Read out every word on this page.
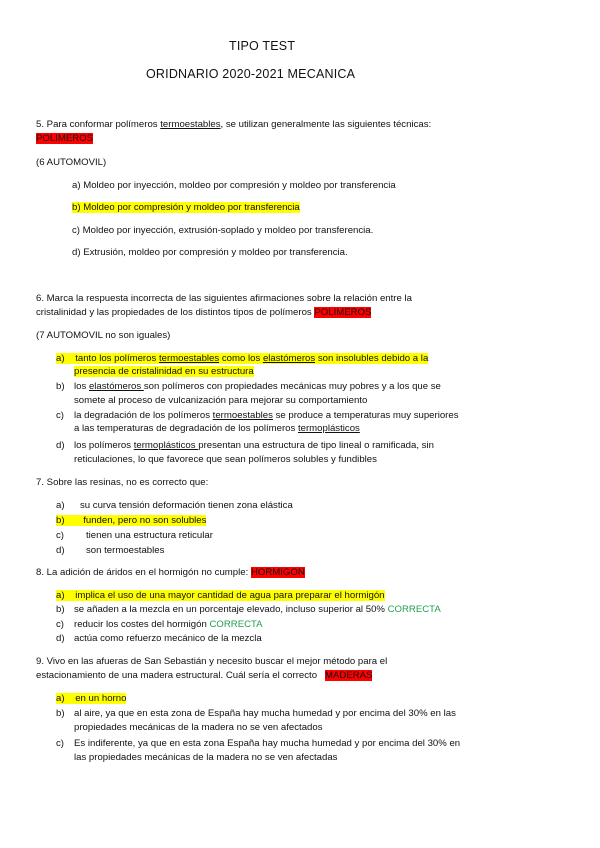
TIPO TEST
ORIDNARIO 2020-2021 MECANICA
5. Para conformar polímeros termoestables, se utilizan generalmente las siguientes técnicas:
POLIMEROS
(6 AUTOMOVIL)
a) Moldeo por inyección, moldeo por compresión y moldeo por transferencia
b) Moldeo por compresión y moldeo por transferencia
c) Moldeo por inyección, extrusión-soplado y moldeo por transferencia.
d) Extrusión, moldeo por compresión y moldeo por transferencia.
6. Marca la respuesta incorrecta de las siguientes afirmaciones sobre la relación entre la
cristalinidad y las propiedades de los distintos tipos de polímeros POLIMEROS
(7 AUTOMOVIL no son iguales)
a) tanto los polímeros termoestables como los elastómeros son insolubles debido a la
presencia de cristalinidad en su estructura
b) los elastómeros son polímeros con propiedades mecánicas muy pobres y a los que se
somete al proceso de vulcanización para mejorar su comportamiento
c) la degradación de los polímeros termoestables se produce a temperaturas muy superiores
a las temperaturas de degradación de los polímeros termoplásticos
d) los polímeros termoplásticos presentan una estructura de tipo lineal o ramificada, sin
reticulaciones, lo que favorece que sean polímeros solubles y fundibles
7. Sobre las resinas, no es correcto que:
a) su curva tensión deformación tienen zona elástica
b) funden, pero no son solubles
c) tienen una estructura reticular
d) son termoestables
8. La adición de áridos en el hormigón no cumple: HORMIGON
a) implica el uso de una mayor cantidad de agua para preparar el hormigón
b) se añaden a la mezcla en un porcentaje elevado, incluso superior al 50% CORRECTA
c) reducir los costes del hormigón CORRECTA
d) actúa como refuerzo mecánico de la mezcla
9. Vivo en las afueras de San Sebastián y necesito buscar el mejor método para el
estacionamiento de una madera estructural. Cuál sería el correcto MADERAS
a) en un horno
b) al aire, ya que en esta zona de España hay mucha humedad y por encima del 30% en las
propiedades mecánicas de la madera no se ven afectados
c) Es indiferente, ya que en esta zona España hay mucha humedad y por encima del 30% en
las propiedades mecánicas de la madera no se ven afectadas
